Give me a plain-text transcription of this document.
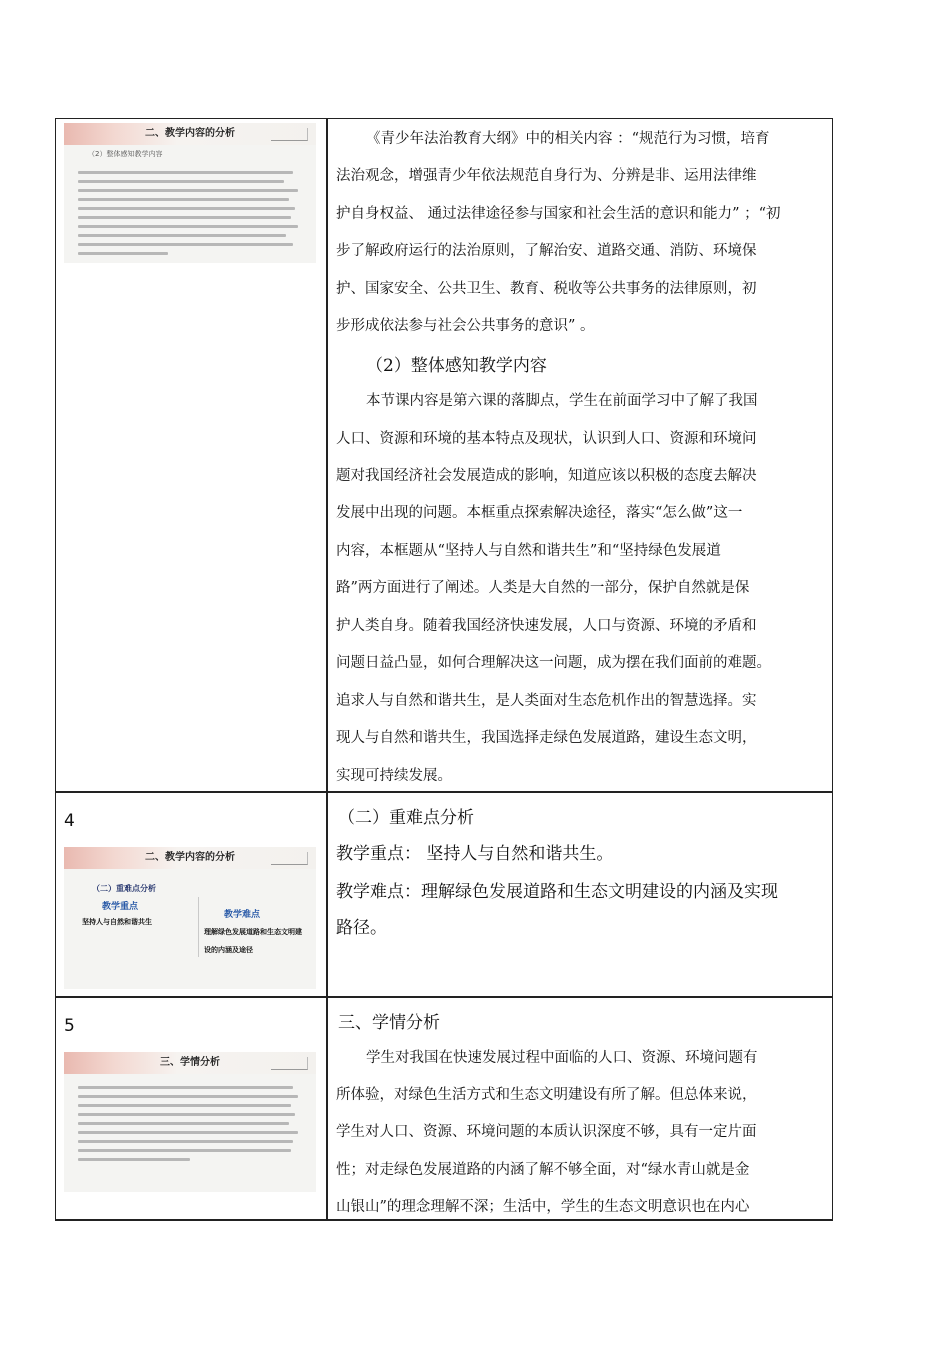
二、教学内容的分析
（2）整体感知教学内容
《青少年法治教育大纲》中的相关内容 ：“规范行为习惯，培育
法治观念，增强青少年依法规范自身行为、分辨是非、运用法律维
护自身权益、 通过法律途径参与国家和社会生活的意识和能力” ；“初
步了解政府运行的法治原则，了解治安、道路交通、消防、环境保
护、国家安全、公共卫生、教育、税收等公共事务的法律原则，初
步形成依法参与社会公共事务的意识” 。
（2）整体感知教学内容
本节课内容是第六课的落脚点，学生在前面学习中了解了我国
人口、资源和环境的基本特点及现状，认识到人口、资源和环境问
题对我国经济社会发展造成的影响，知道应该以积极的态度去解决
发展中出现的问题。本框重点探索解决途径，落实“怎么做”这一
内容，本框题从“坚持人与自然和谐共生”和“坚持绿色发展道
路”两方面进行了阐述。人类是大自然的一部分，保护自然就是保
护人类自身。随着我国经济快速发展，人口与资源、环境的矛盾和
问题日益凸显，如何合理解决这一问题，成为摆在我们面前的难题。
追求人与自然和谐共生，是人类面对生态危机作出的智慧选择。实
现人与自然和谐共生，我国选择走绿色发展道路，建设生态文明，
实现可持续发展。
4
二、教学内容的分析
（二）重难点分析
教学重点
坚持人与自然和谐共生
教学难点
理解绿色发展道路和生态文明建设的内涵及途径
（二）重难点分析
教学重点： 坚持人与自然和谐共生。
教学难点：理解绿色发展道路和生态文明建设的内涵及实现
路径。
5
三、学情分析
三、学情分析
学生对我国在快速发展过程中面临的人口、资源、环境问题有
所体验，对绿色生活方式和生态文明建设有所了解。但总体来说，
学生对人口、资源、环境问题的本质认识深度不够，具有一定片面
性；对走绿色发展道路的内涵了解不够全面，对“绿水青山就是金
山银山”的理念理解不深；生活中，学生的生态文明意识也在内心
